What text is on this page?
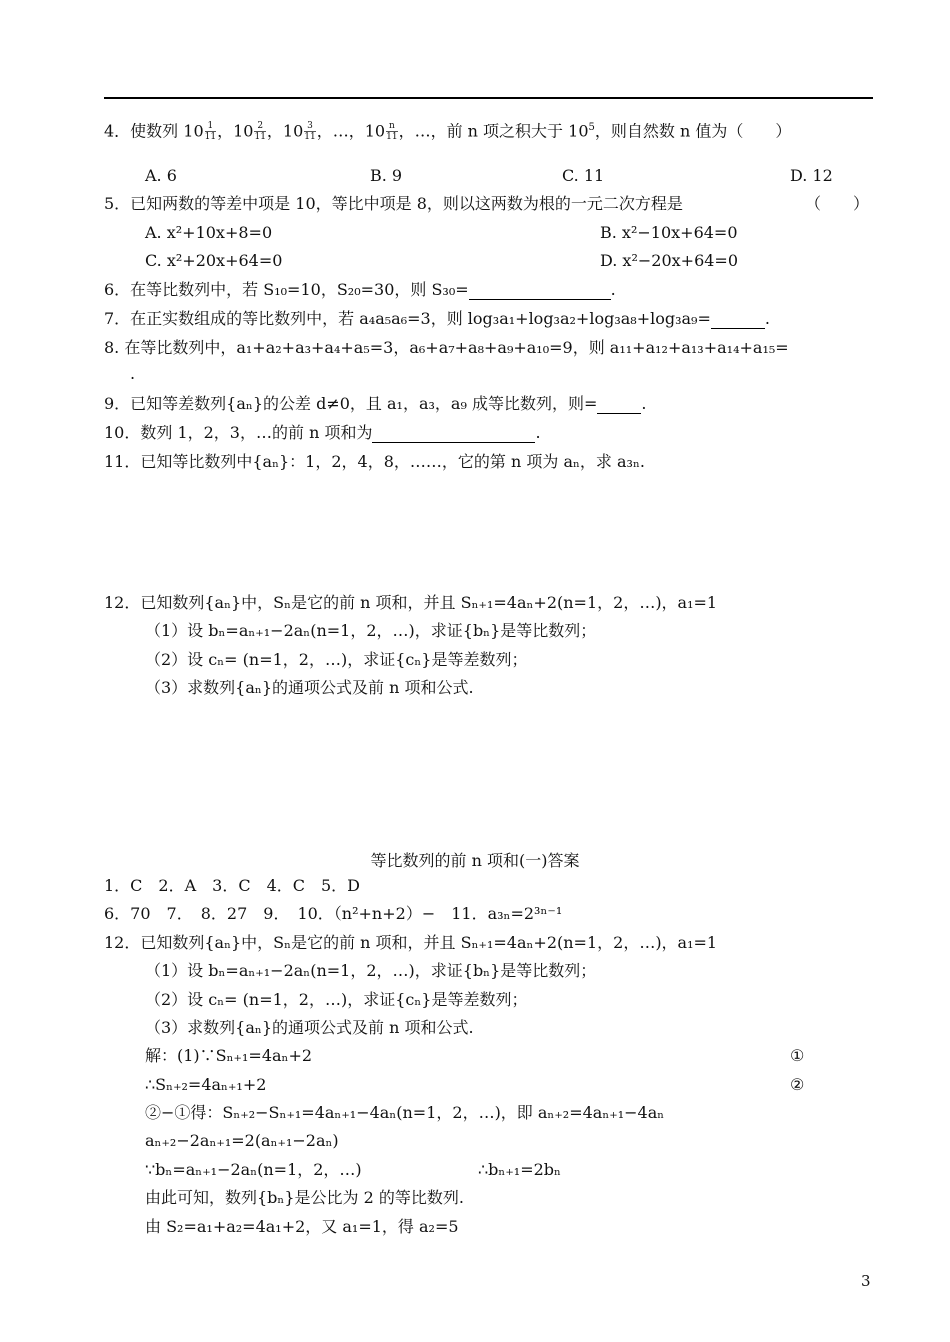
4．使数列 $10 \frac{1}{11}$ ，$10 \frac{2}{11}$ ，$10 \frac{3}{11}$ ，…，$10 \frac{n}{11}$ ，…，前 n 项之积大于 $10^5$，则自然数 n 值为（　　）
A. 6	B. 9	C. 11	D. 12
5．已知两数的等差中项是 10，等比中项是 8，则以这两数为根的一元二次方程是	（　　）
A. x²+10x+8=0	B. x²−10x+64=0
C. x²+20x+64=0	D. x²−20x+64=0
6．在等比数列中，若 S₁₀=10，S₂₀=30，则 S₃₀=	.
7．在正实数组成的等比数列中，若 a₄a₅a₆=3，则 log₃a₁+log₃a₂+log₃a₈+log₃a₉=	.
8. 在等比数列中，a₁+a₂+a₃+a₄+a₅=3，a₆+a₇+a₈+a₉+a₁₀=9，则 a₁₁+a₁₂+a₁₃+a₁₄+a₁₅=
.
9．已知等差数列{aₙ}的公差 d≠0，且 a₁，a₃，a₉ 成等比数列，则=	.
10．数列 1，2，3，…的前 n 项和为	.
11．已知等比数列中{aₙ}：1，2，4，8，……，它的第 n 项为 aₙ，求 a₃ₙ.
12．已知数列{aₙ}中，Sₙ是它的前 n 项和，并且 Sₙ₊₁=4aₙ+2(n=1，2，…)，a₁=1
（1）设 bₙ=aₙ₊₁−2aₙ(n=1，2，…)，求证{bₙ}是等比数列；
（2）设 cₙ= (n=1，2，…)，求证{cₙ}是等差数列；
（3）求数列{aₙ}的通项公式及前 n 项和公式.
等比数列的前 n 项和(一)答案
1．C　2．A　3．C　4．C　5．D
6．70　7．　8．27　9．　10．（n²+n+2）−　11．a₃ₙ=2³ⁿ⁻¹
12．已知数列{aₙ}中，Sₙ是它的前 n 项和，并且 Sₙ₊₁=4aₙ+2(n=1，2，…)，a₁=1
（1）设 bₙ=aₙ₊₁−2aₙ(n=1，2，…)，求证{bₙ}是等比数列；
（2）设 cₙ= (n=1，2，…)，求证{cₙ}是等差数列；
（3）求数列{aₙ}的通项公式及前 n 项和公式.
解：(1)∵Sₙ₊₁=4aₙ+2	①
∴Sₙ₊₂=4aₙ₊₁+2	②
②−①得：Sₙ₊₂−Sₙ₊₁=4aₙ₊₁−4aₙ(n=1，2，…)，即 aₙ₊₂=4aₙ₊₁−4aₙ
aₙ₊₂−2aₙ₊₁=2(aₙ₊₁−2aₙ)
∵bₙ=aₙ₊₁−2aₙ(n=1，2，…)	∴bₙ₊₁=2bₙ
由此可知，数列{bₙ}是公比为 2 的等比数列.
由 S₂=a₁+a₂=4a₁+2，又 a₁=1，得 a₂=5
3
